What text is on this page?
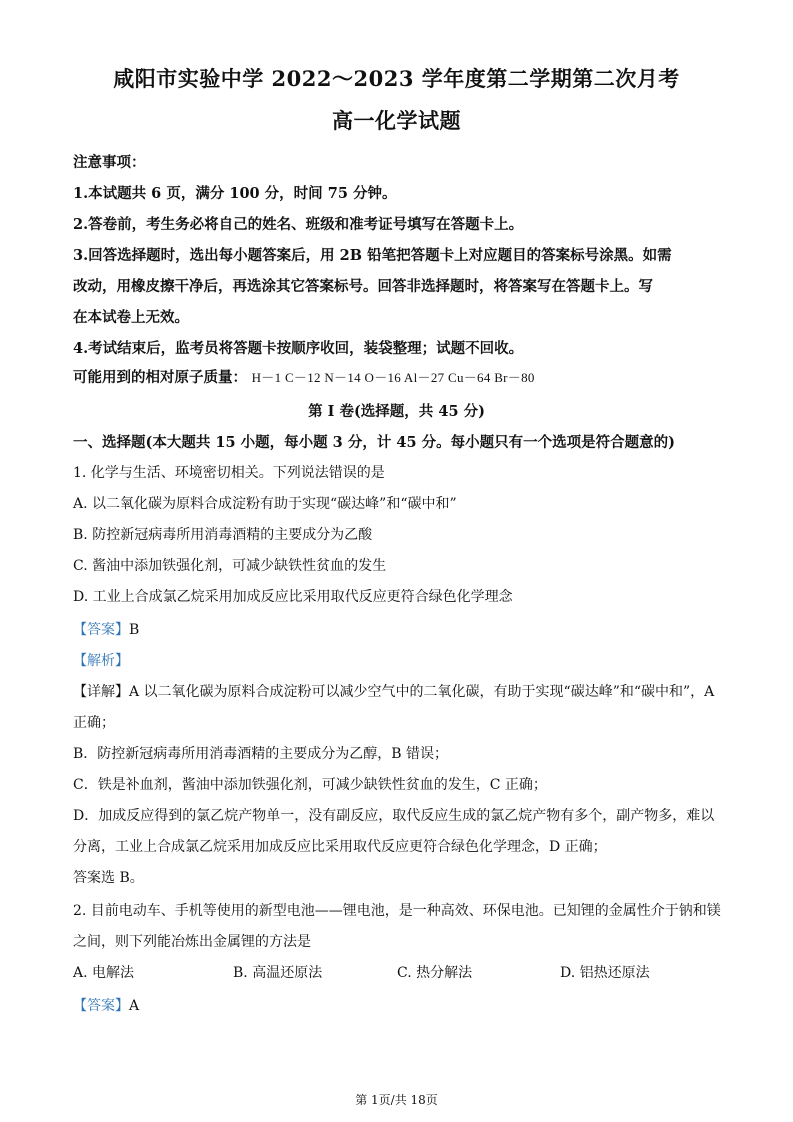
咸阳市实验中学 2022～2023 学年度第二学期第二次月考
高一化学试题
注意事项：
1.本试题共 6 页，满分 100 分，时间 75 分钟。
2.答卷前，考生务必将自己的姓名、班级和准考证号填写在答题卡上。
3.回答选择题时，选出每小题答案后，用 2B 铅笔把答题卡上对应题目的答案标号涂黑。如需
改动，用橡皮擦干净后，再选涂其它答案标号。回答非选择题时，将答案写在答题卡上。写
在本试卷上无效。
4.考试结束后，监考员将答题卡按顺序收回，装袋整理；试题不回收。
可能用到的相对原子质量： H－1 C－12 N－14 O－16 Al－27 Cu－64 Br－80
第 I 卷(选择题，共 45 分)
一、选择题(本大题共 15 小题，每小题 3 分，计 45 分。每小题只有一个选项是符合题意的)
1. 化学与生活、环境密切相关。下列说法错误的是
A. 以二氧化碳为原料合成淀粉有助于实现“碳达峰”和“碳中和”
B. 防控新冠病毒所用消毒酒精的主要成分为乙酸
C. 酱油中添加铁强化剂，可减少缺铁性贫血的发生
D. 工业上合成氯乙烷采用加成反应比采用取代反应更符合绿色化学理念
【答案】B
【解析】
【详解】A 以二氧化碳为原料合成淀粉可以减少空气中的二氧化碳，有助于实现“碳达峰”和“碳中和”，A
正确；
B．防控新冠病毒所用消毒酒精的主要成分为乙醇，B 错误；
C．铁是补血剂，酱油中添加铁强化剂，可减少缺铁性贫血的发生，C 正确；
D．加成反应得到的氯乙烷产物单一，没有副反应，取代反应生成的氯乙烷产物有多个，副产物多，难以
分离，工业上合成氯乙烷采用加成反应比采用取代反应更符合绿色化学理念，D 正确；
答案选 B。
2. 目前电动车、手机等使用的新型电池——锂电池，是一种高效、环保电池。已知锂的金属性介于钠和镁
之间，则下列能冶炼出金属锂的方法是
A. 电解法	B. 高温还原法	C. 热分解法	D. 铝热还原法
【答案】A
第 1页/共 18页
